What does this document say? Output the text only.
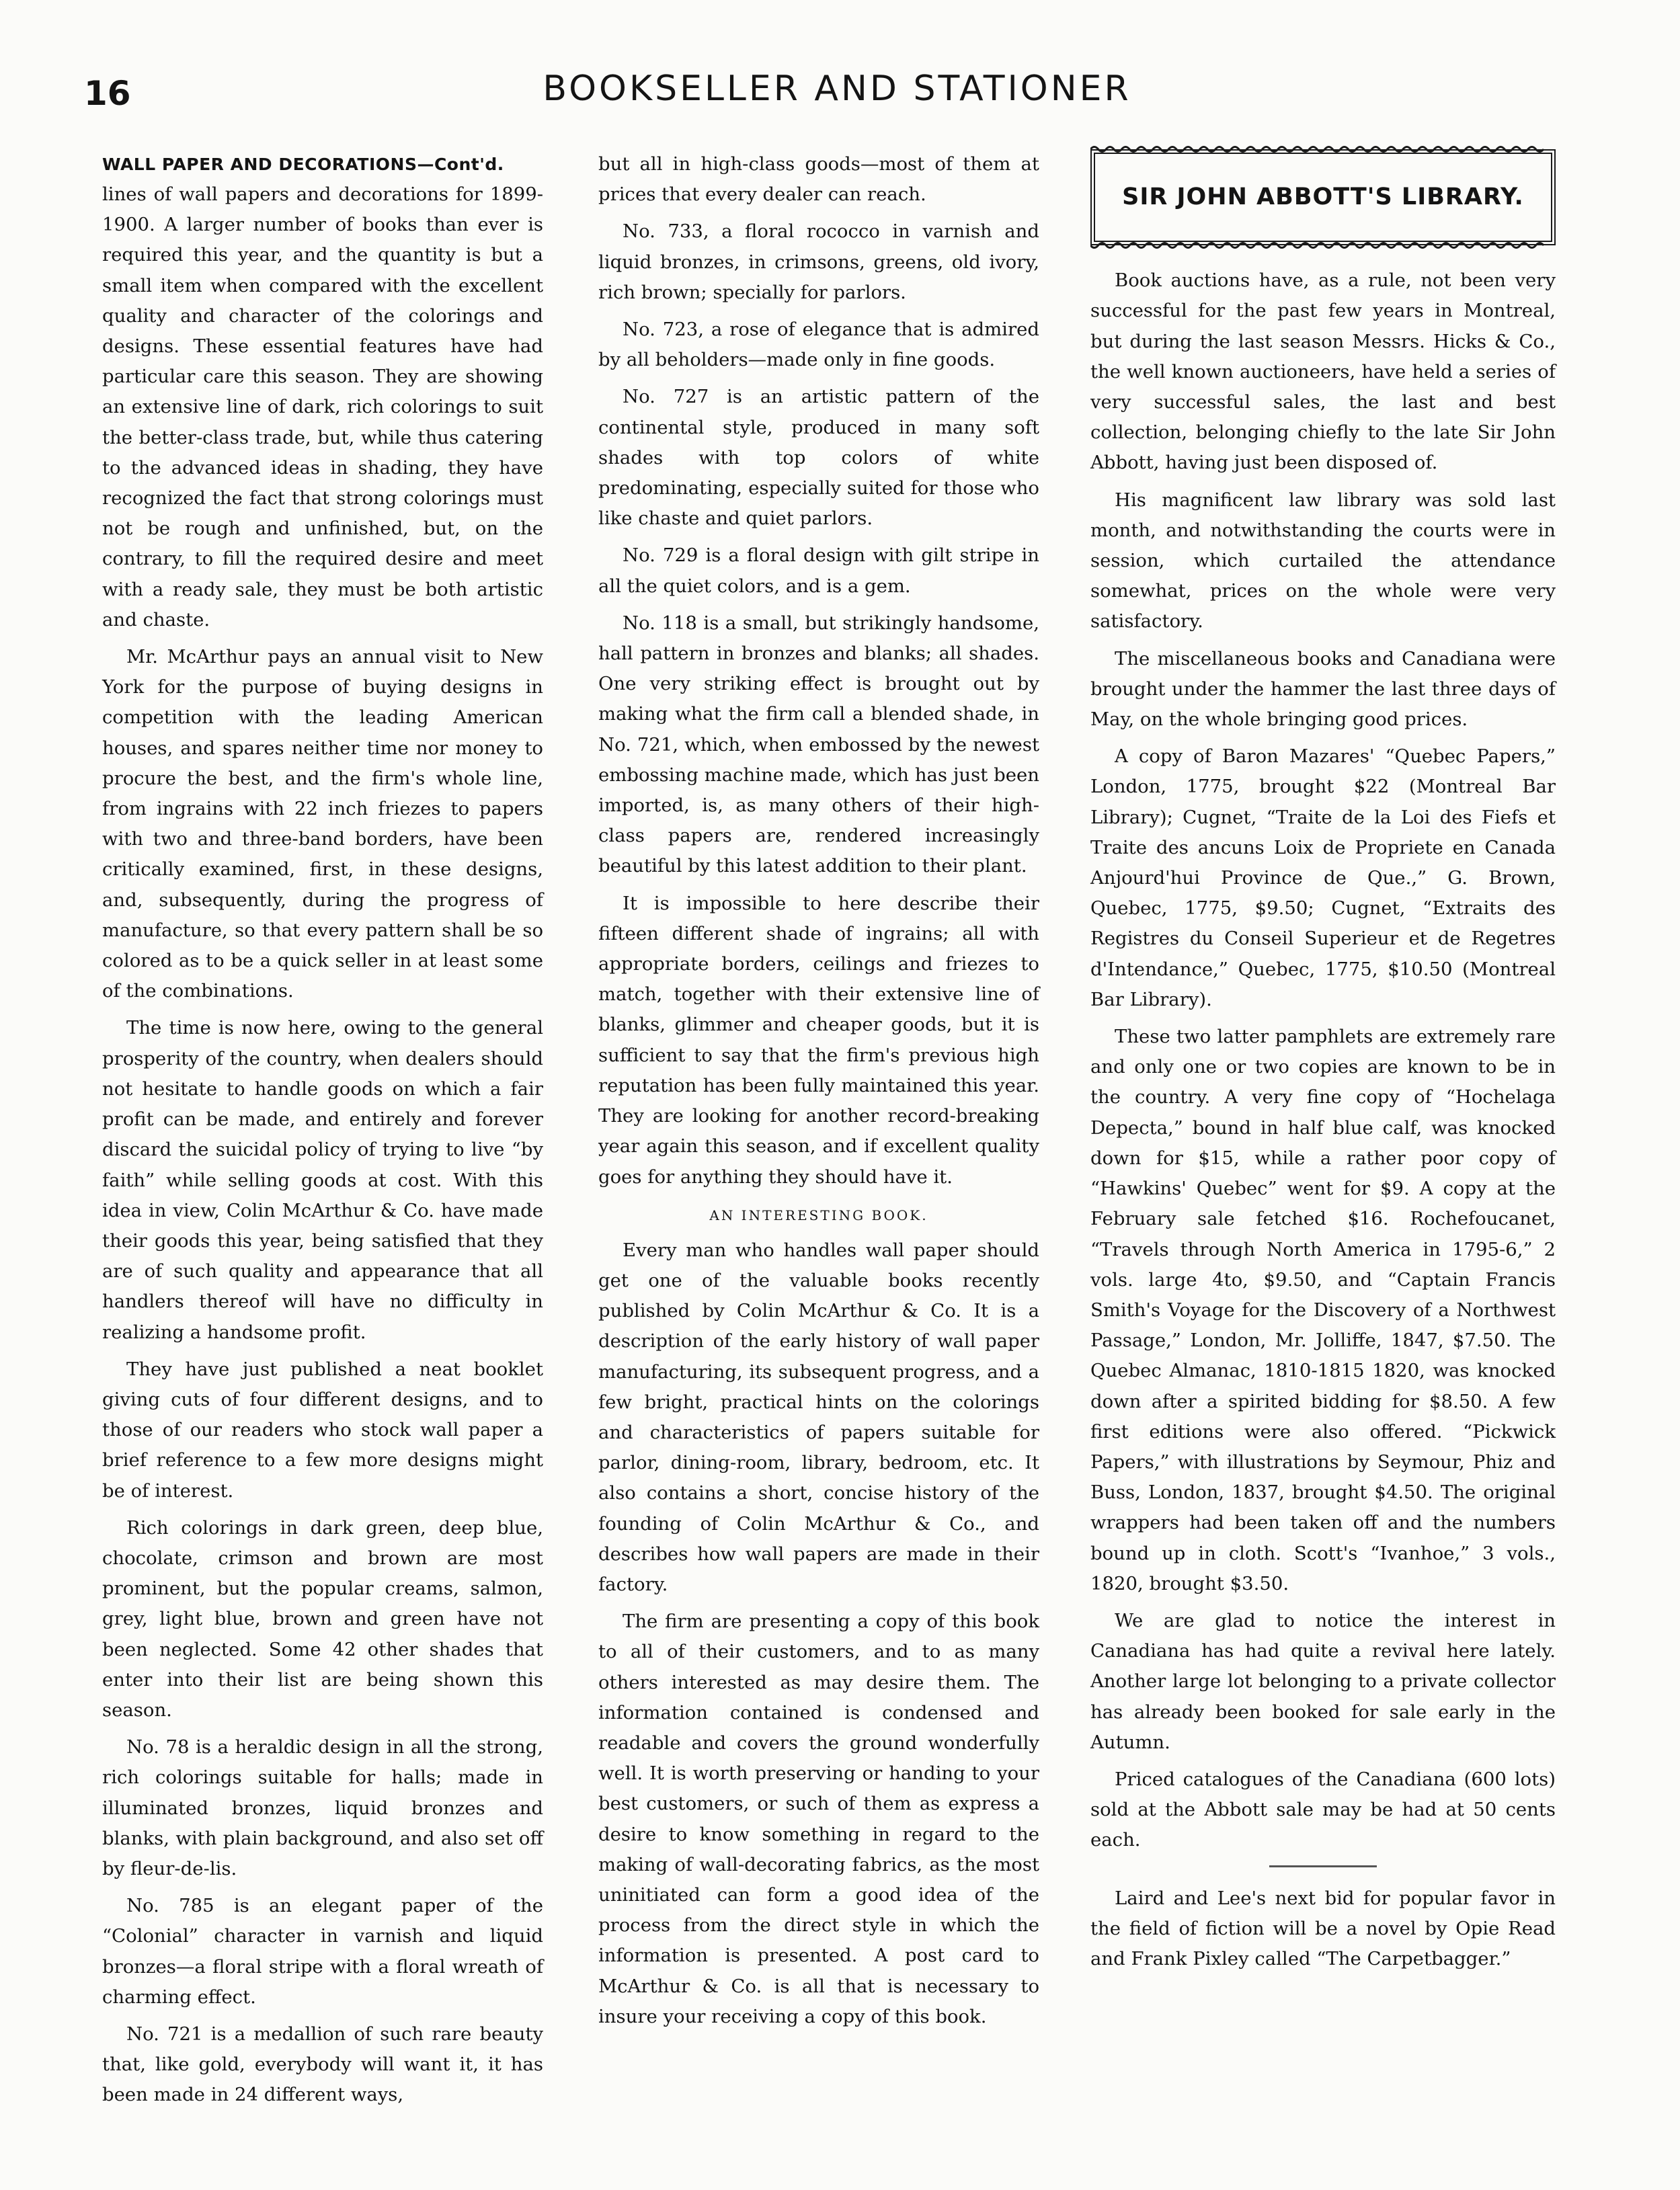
16	BOOKSELLER AND STATIONER
WALL PAPER AND DECORATIONS—Cont'd.

lines of wall papers and decorations for 1899-1900. A larger number of books than ever is required this year, and the quantity is but a small item when compared with the excellent quality and character of the colorings and designs. These essential features have had particular care this season. They are showing an extensive line of dark, rich colorings to suit the better-class trade, but, while thus catering to the advanced ideas in shading, they have recognized the fact that strong colorings must not be rough and unfinished, but, on the contrary, to fill the required desire and meet with a ready sale, they must be both artistic and chaste.

Mr. McArthur pays an annual visit to New York for the purpose of buying designs in competition with the leading American houses, and spares neither time nor money to procure the best, and the firm's whole line, from ingrains with 22 inch friezes to papers with two and three-band borders, have been critically examined, first, in these designs, and, subsequently, during the progress of manufacture, so that every pattern shall be so colored as to be a quick seller in at least some of the combinations.

The time is now here, owing to the general prosperity of the country, when dealers should not hesitate to handle goods on which a fair profit can be made, and entirely and forever discard the suicidal policy of trying to live “by faith” while selling goods at cost. With this idea in view, Colin McArthur & Co. have made their goods this year, being satisfied that they are of such quality and appearance that all handlers thereof will have no difficulty in realizing a handsome profit.

They have just published a neat booklet giving cuts of four different designs, and to those of our readers who stock wall paper a brief reference to a few more designs might be of interest.

Rich colorings in dark green, deep blue, chocolate, crimson and brown are most prominent, but the popular creams, salmon, grey, light blue, brown and green have not been neglected. Some 42 other shades that enter into their list are being shown this season.

No. 78 is a heraldic design in all the strong, rich colorings suitable for halls; made in illuminated bronzes, liquid bronzes and blanks, with plain background, and also set off by fleur-de-lis.

No. 785 is an elegant paper of the “Colonial” character in varnish and liquid bronzes—a floral stripe with a floral wreath of charming effect.

No. 721 is a medallion of such rare beauty that, like gold, everybody will want it, it has been made in 24 different ways,

but all in high-class goods—most of them at prices that every dealer can reach.

No. 733, a floral rococco in varnish and liquid bronzes, in crimsons, greens, old ivory, rich brown; specially for parlors.

No. 723, a rose of elegance that is admired by all beholders—made only in fine goods.

No. 727 is an artistic pattern of the continental style, produced in many soft shades with top colors of white predominating, especially suited for those who like chaste and quiet parlors.

No. 729 is a floral design with gilt stripe in all the quiet colors, and is a gem.

No. 118 is a small, but strikingly handsome, hall pattern in bronzes and blanks; all shades. One very striking effect is brought out by making what the firm call a blended shade, in No. 721, which, when embossed by the newest embossing machine made, which has just been imported, is, as many others of their high-class papers are, rendered increasingly beautiful by this latest addition to their plant.

It is impossible to here describe their fifteen different shade of ingrains; all with appropriate borders, ceilings and friezes to match, together with their extensive line of blanks, glimmer and cheaper goods, but it is sufficient to say that the firm's previous high reputation has been fully maintained this year. They are looking for another record-breaking year again this season, and if excellent quality goes for anything they should have it.

AN INTERESTING BOOK.

Every man who handles wall paper should get one of the valuable books recently published by Colin McArthur & Co. It is a description of the early history of wall paper manufacturing, its subsequent progress, and a few bright, practical hints on the colorings and characteristics of papers suitable for parlor, dining-room, library, bedroom, etc. It also contains a short, concise history of the founding of Colin McArthur & Co., and describes how wall papers are made in their factory.

The firm are presenting a copy of this book to all of their customers, and to as many others interested as may desire them. The information contained is condensed and readable and covers the ground wonderfully well. It is worth preserving or handing to your best customers, or such of them as express a desire to know something in regard to the making of wall-decorating fabrics, as the most uninitiated can form a good idea of the process from the direct style in which the information is presented. A post card to McArthur & Co. is all that is necessary to insure your receiving a copy of this book.

SIR JOHN ABBOTT'S LIBRARY.

Book auctions have, as a rule, not been very successful for the past few years in Montreal, but during the last season Messrs. Hicks & Co., the well known auctioneers, have held a series of very successful sales, the last and best collection, belonging chiefly to the late Sir John Abbott, having just been disposed of.

His magnificent law library was sold last month, and notwithstanding the courts were in session, which curtailed the attendance somewhat, prices on the whole were very satisfactory.

The miscellaneous books and Canadiana were brought under the hammer the last three days of May, on the whole bringing good prices.

A copy of Baron Mazares' “Quebec Papers,” London, 1775, brought $22 (Montreal Bar Library); Cugnet, “Traite de la Loi des Fiefs et Traite des ancuns Loix de Propriete en Canada Anjourd'hui Province de Que.,” G. Brown, Quebec, 1775, $9.50; Cugnet, “Extraits des Registres du Conseil Superieur et de Regetres d'Intendance,” Quebec, 1775, $10.50 (Montreal Bar Library).

These two latter pamphlets are extremely rare and only one or two copies are known to be in the country. A very fine copy of “Hochelaga Depecta,” bound in half blue calf, was knocked down for $15, while a rather poor copy of “Hawkins' Quebec” went for $9. A copy at the February sale fetched $16. Rochefoucanet, “Travels through North America in 1795-6,” 2 vols. large 4to, $9.50, and “Captain Francis Smith's Voyage for the Discovery of a Northwest Passage,” London, Mr. Jolliffe, 1847, $7.50. The Quebec Almanac, 1810-1815 1820, was knocked down after a spirited bidding for $8.50. A few first editions were also offered. “Pickwick Papers,” with illustrations by Seymour, Phiz and Buss, London, 1837, brought $4.50. The original wrappers had been taken off and the numbers bound up in cloth. Scott's “Ivanhoe,” 3 vols., 1820, brought $3.50.

We are glad to notice the interest in Canadiana has had quite a revival here lately. Another large lot belonging to a private collector has already been booked for sale early in the Autumn.

Priced catalogues of the Canadiana (600 lots) sold at the Abbott sale may be had at 50 cents each.

Laird and Lee's next bid for popular favor in the field of fiction will be a novel by Opie Read and Frank Pixley called “The Carpetbagger.”
